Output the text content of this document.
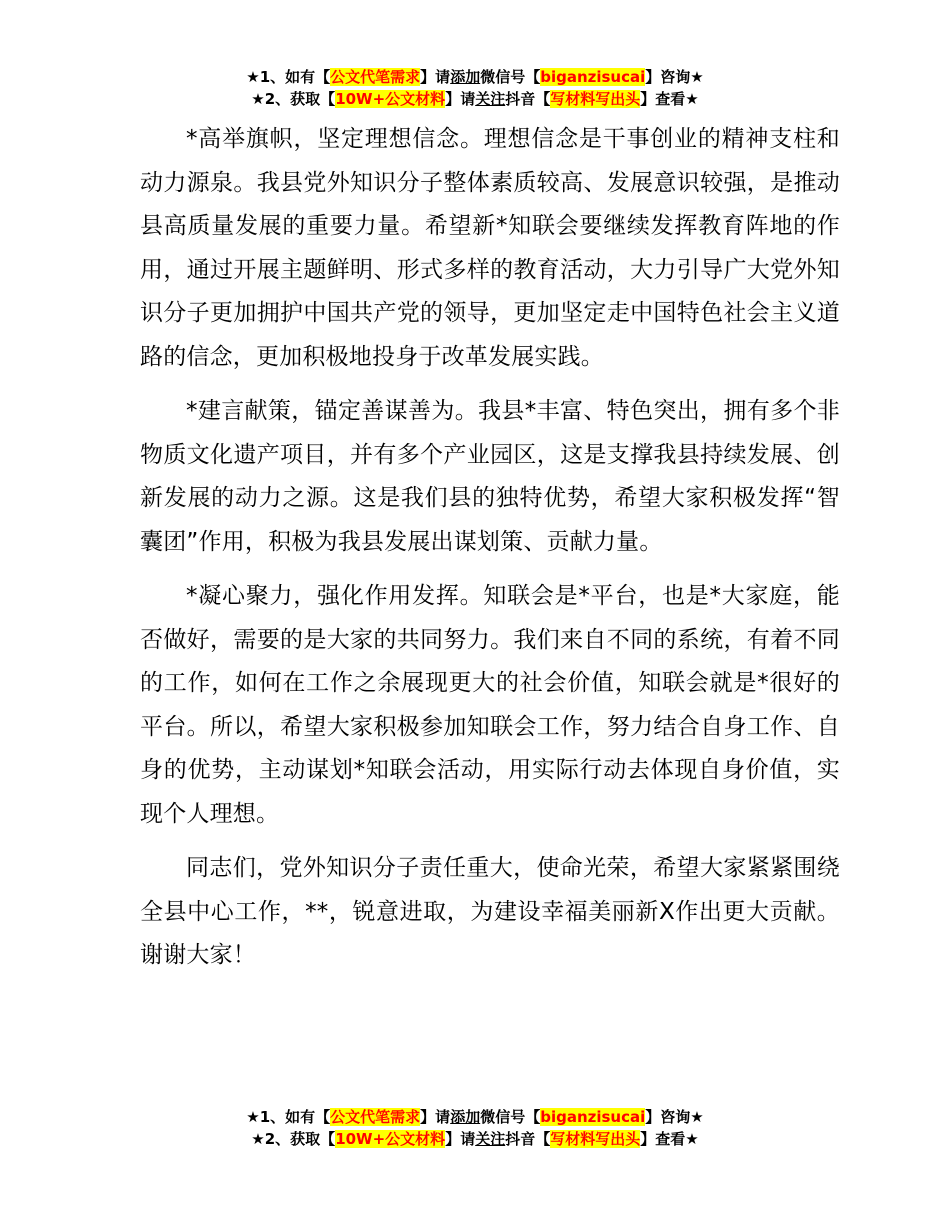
★1、如有【公文代笔需求】请添加微信号【biganzisucai】咨询★
★2、获取【10W+公文材料】请关注抖音【写材料写出头】查看★

*高举旗帜，坚定理想信念。理想信念是干事创业的精神支柱和动力源泉。我县党外知识分子整体素质较高、发展意识较强，是推动县高质量发展的重要力量。希望新*知联会要继续发挥教育阵地的作用，通过开展主题鲜明、形式多样的教育活动，大力引导广大党外知识分子更加拥护中国共产党的领导，更加坚定走中国特色社会主义道路的信念，更加积极地投身于改革发展实践。

*建言献策，锚定善谋善为。我县*丰富、特色突出，拥有多个非物质文化遗产项目，并有多个产业园区，这是支撑我县持续发展、创新发展的动力之源。这是我们县的独特优势，希望大家积极发挥“智囊团”作用，积极为我县发展出谋划策、贡献力量。

*凝心聚力，强化作用发挥。知联会是*平台，也是*大家庭，能否做好，需要的是大家的共同努力。我们来自不同的系统，有着不同的工作，如何在工作之余展现更大的社会价值，知联会就是*很好的平台。所以，希望大家积极参加知联会工作，努力结合自身工作、自身的优势，主动谋划*知联会活动，用实际行动去体现自身价值，实现个人理想。

同志们，党外知识分子责任重大，使命光荣，希望大家紧紧围绕全县中心工作，**，锐意进取，为建设幸福美丽新X作出更大贡献。谢谢大家！

★1、如有【公文代笔需求】请添加微信号【biganzisucai】咨询★
★2、获取【10W+公文材料】请关注抖音【写材料写出头】查看★
